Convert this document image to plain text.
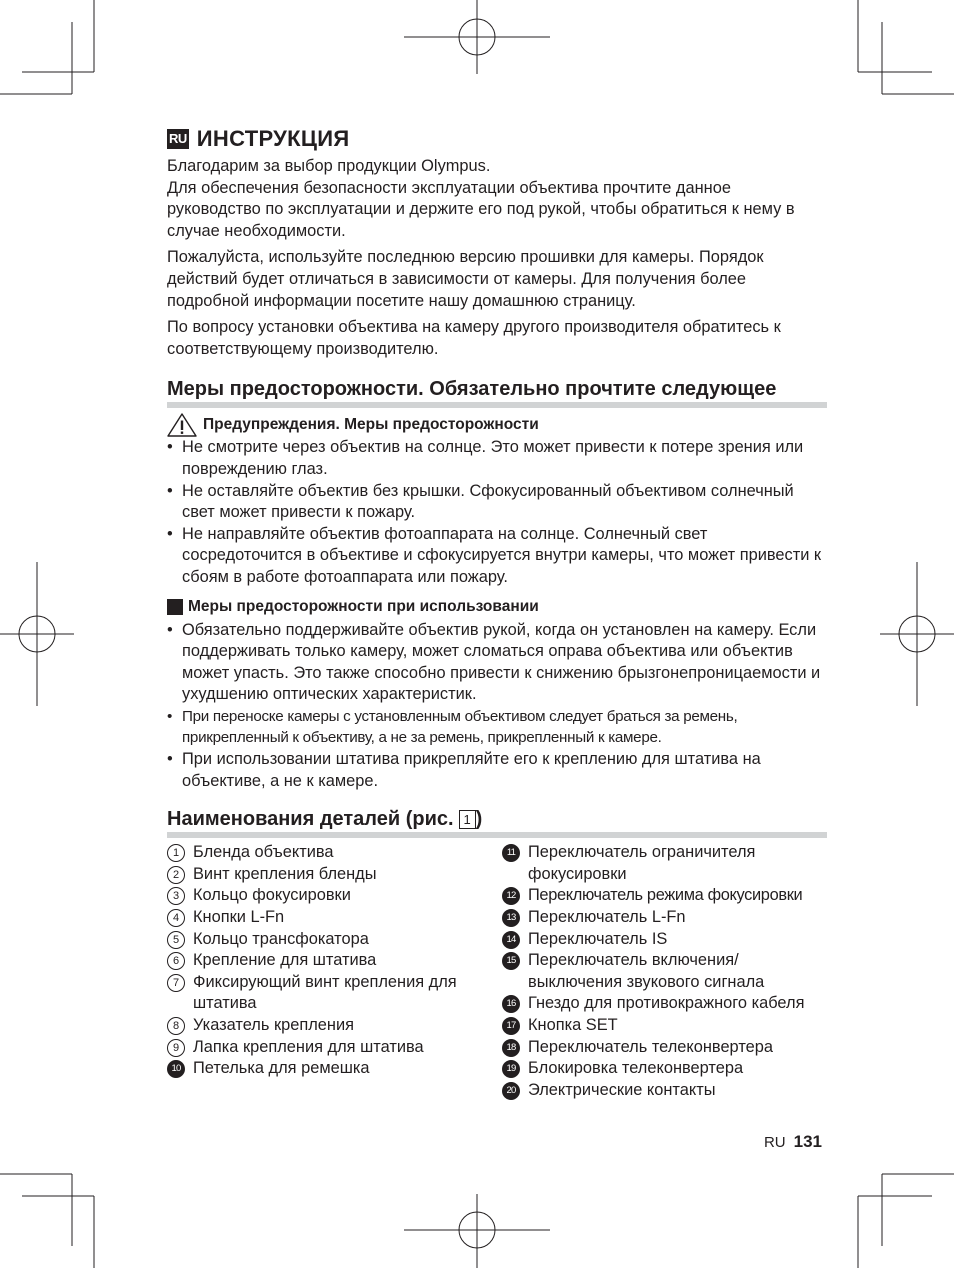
RU ИНСТРУКЦИЯ

Благодарим за выбор продукции Olympus.
Для обеспечения безопасности эксплуатации объектива прочтите данное руководство по эксплуатации и держите его под рукой, чтобы обратиться к нему в случае необходимости.

Пожалуйста, используйте последнюю версию прошивки для камеры. Порядок действий будет отличаться в зависимости от камеры. Для получения более подробной информации посетите нашу домашнюю страницу.

По вопросу установки объектива на камеру другого производителя обратитесь к соответствующему производителю.

Меры предосторожности. Обязательно прочтите следующее
Предупреждения. Меры предосторожности
• Не смотрите через объектив на солнце. Это может привести к потере зрения или повреждению глаз.
• Не оставляйте объектив без крышки. Сфокусированный объективом солнечный свет может привести к пожару.
• Не направляйте объектив фотоаппарата на солнце. Солнечный свет сосредоточится в объективе и сфокусируется внутри камеры, что может привести к сбоям в работе фотоаппарата или пожару.
Меры предосторожности при использовании
• Обязательно поддерживайте объектив рукой, когда он установлен на камеру. Если поддерживать только камеру, может сломаться оправа объектива или объектив может упасть. Это также способно привести к снижению брызгонепроницаемости и ухудшению оптических характеристик.
• При переноске камеры с установленным объективом следует браться за ремень, прикрепленный к объективу, а не за ремень, прикрепленный к камере.
• При использовании штатива прикрепляйте его к креплению для штатива на объективе, а не к камере.
Наименования деталей (рис. 1 )
1 Бленда объектива
2 Винт крепления бленды
3 Кольцо фокусировки
4 Кнопки L-Fn
5 Кольцо трансфокатора
6 Крепление для штатива
7 Фиксирующий винт крепления для штатива
8 Указатель крепления
9 Лапка крепления для штатива
10 Петелька для ремешка
11 Переключатель ограничителя фокусировки
12 Переключатель режима фокусировки
13 Переключатель L-Fn
14 Переключатель IS
15 Переключатель включения/ выключения звукового сигнала
16 Гнездо для противокражного кабеля
17 Кнопка SET
18 Переключатель телеконвертера
19 Блокировка телеконвертера
20 Электрические контакты
RU 131
